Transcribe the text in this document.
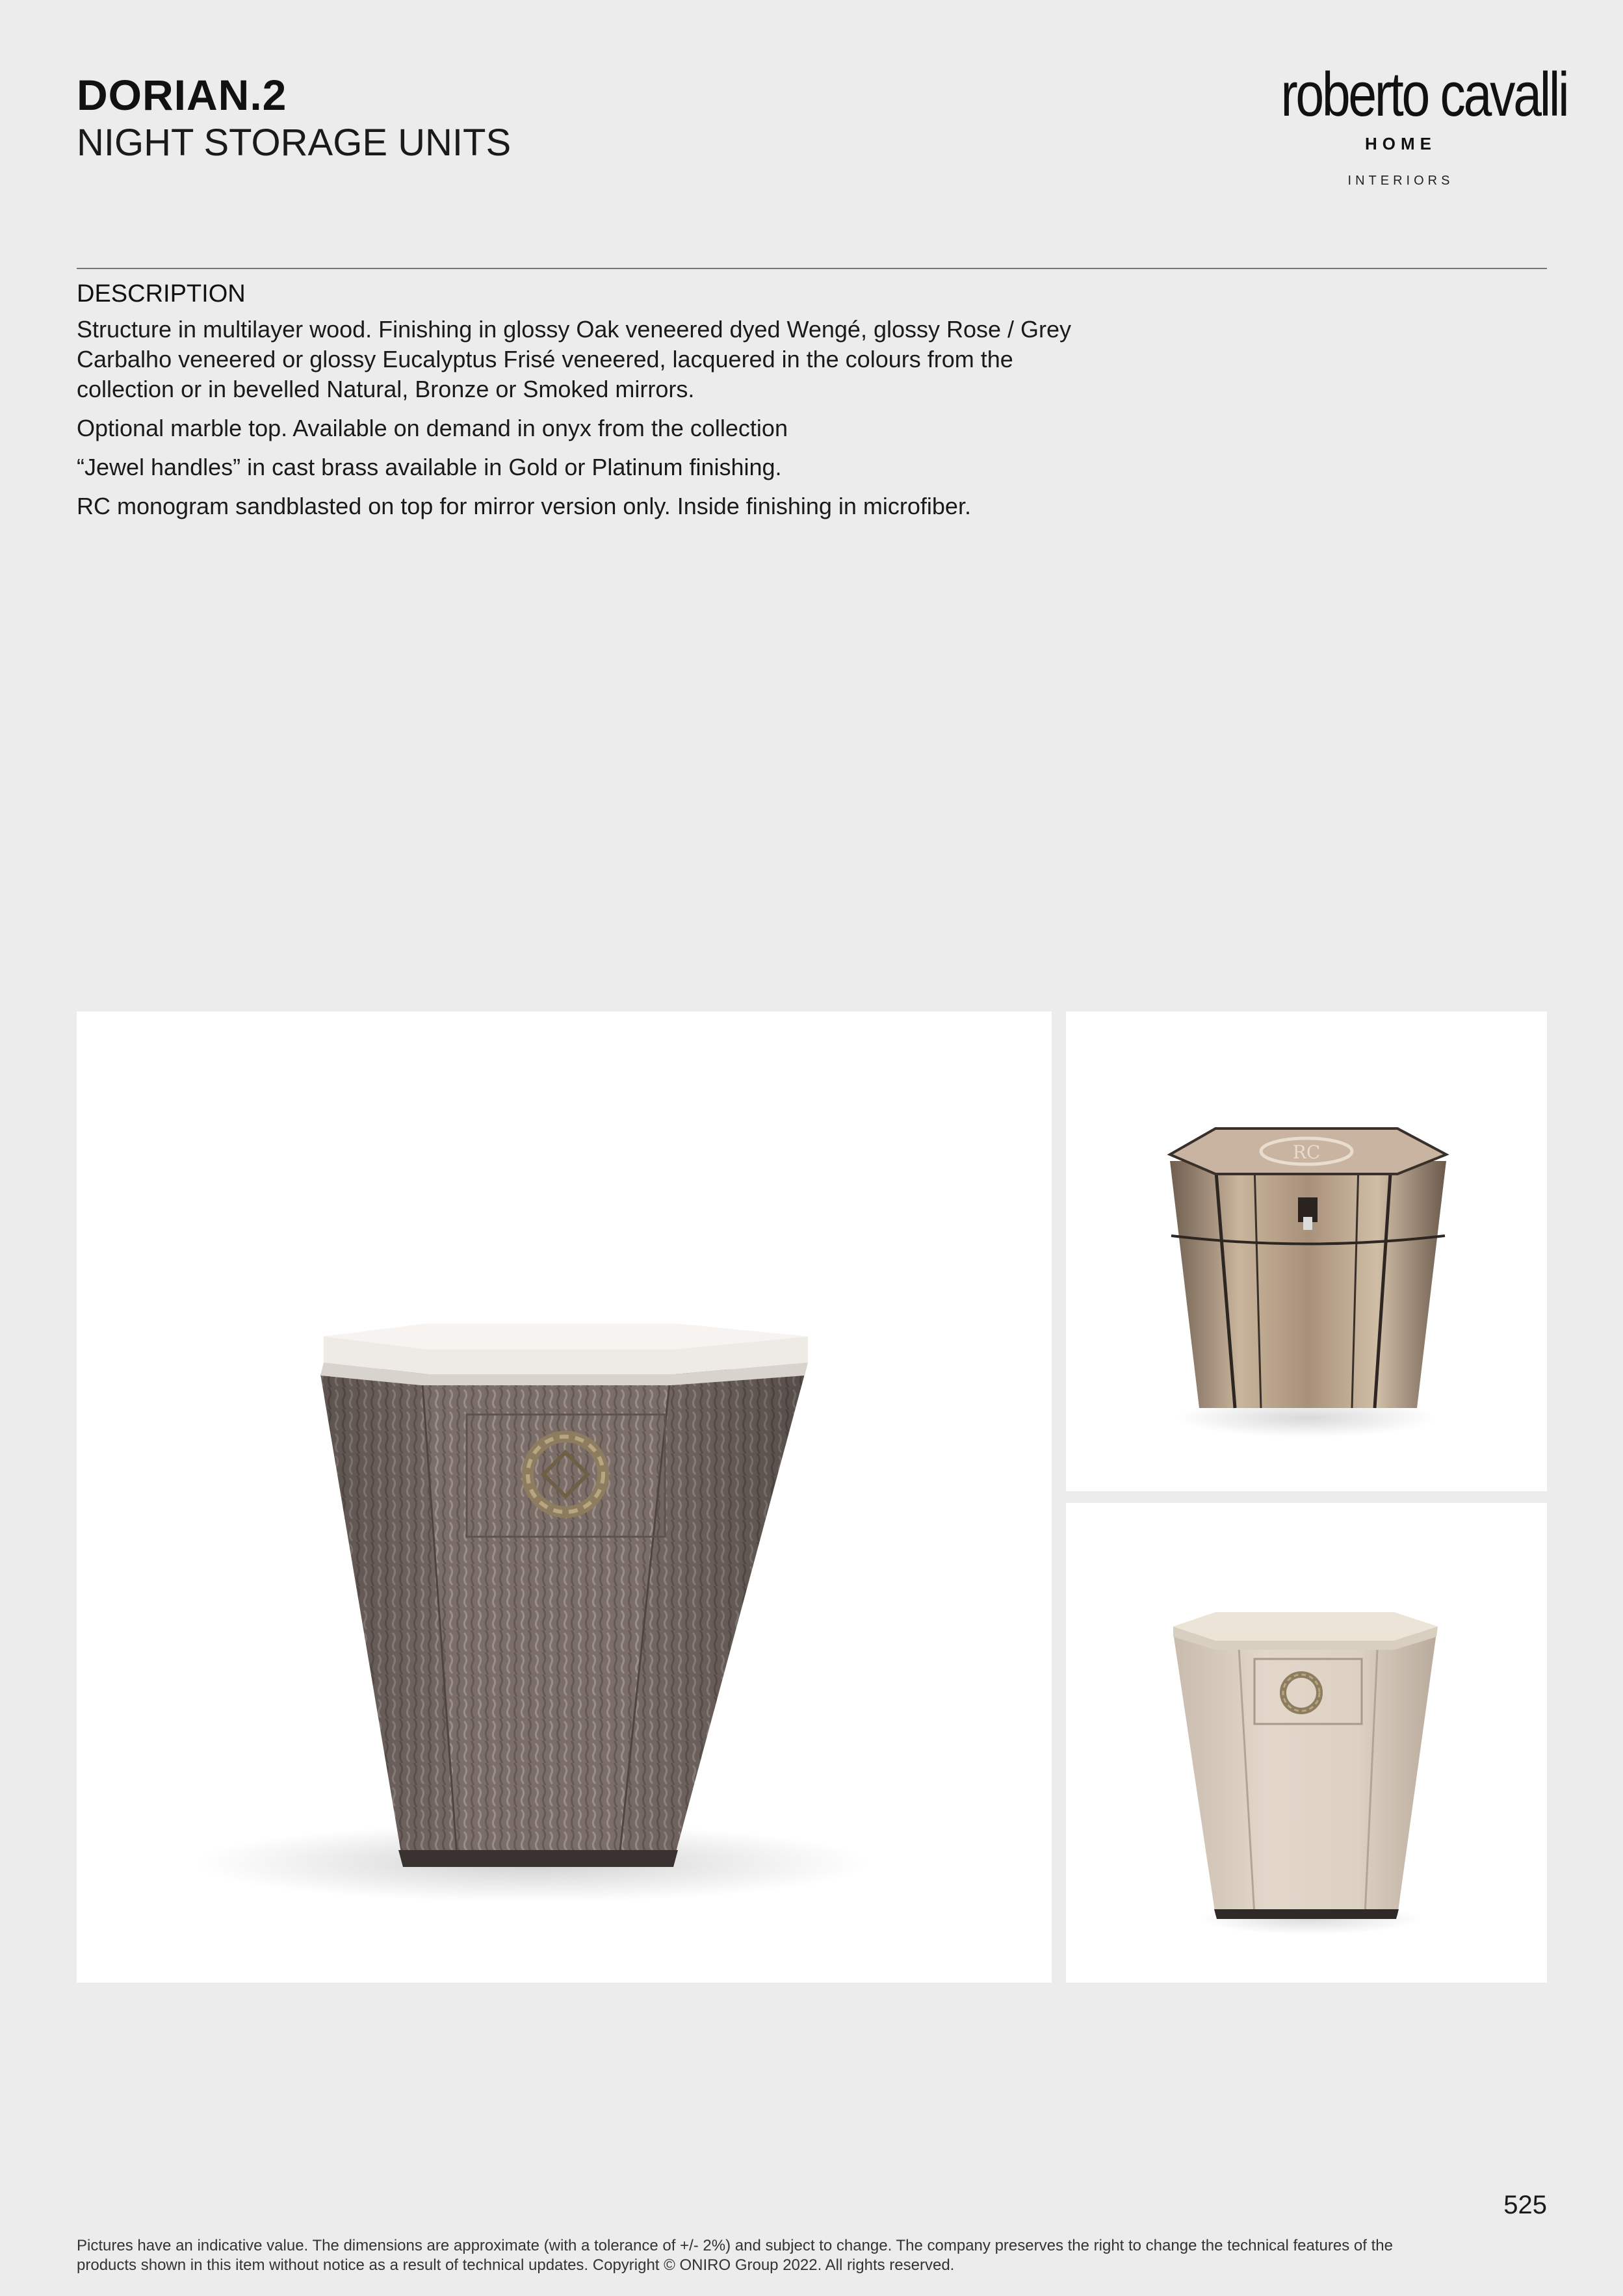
DORIAN.2
NIGHT STORAGE UNITS
roberto cavalli
HOME
INTERIORS
DESCRIPTION

Structure in multilayer wood. Finishing in glossy Oak veneered dyed Wengé, glossy Rose / Grey Carbalho veneered or glossy Eucalyptus Frisé veneered, lacquered in the colours from the collection or in bevelled Natural, Bronze or Smoked mirrors.

Optional marble top. Available on demand in onyx from the collection

“Jewel handles” in cast brass available in Gold or Platinum finishing.

RC monogram sandblasted on top for mirror version only. Inside finishing in microfiber.

RC
525
Pictures have an indicative value. The dimensions are approximate (with a tolerance of +/- 2%) and subject to change. The company preserves the right to change the technical features of the products shown in this item without notice as a result of technical updates. Copyright © ONIRO Group 2022. All rights reserved.
